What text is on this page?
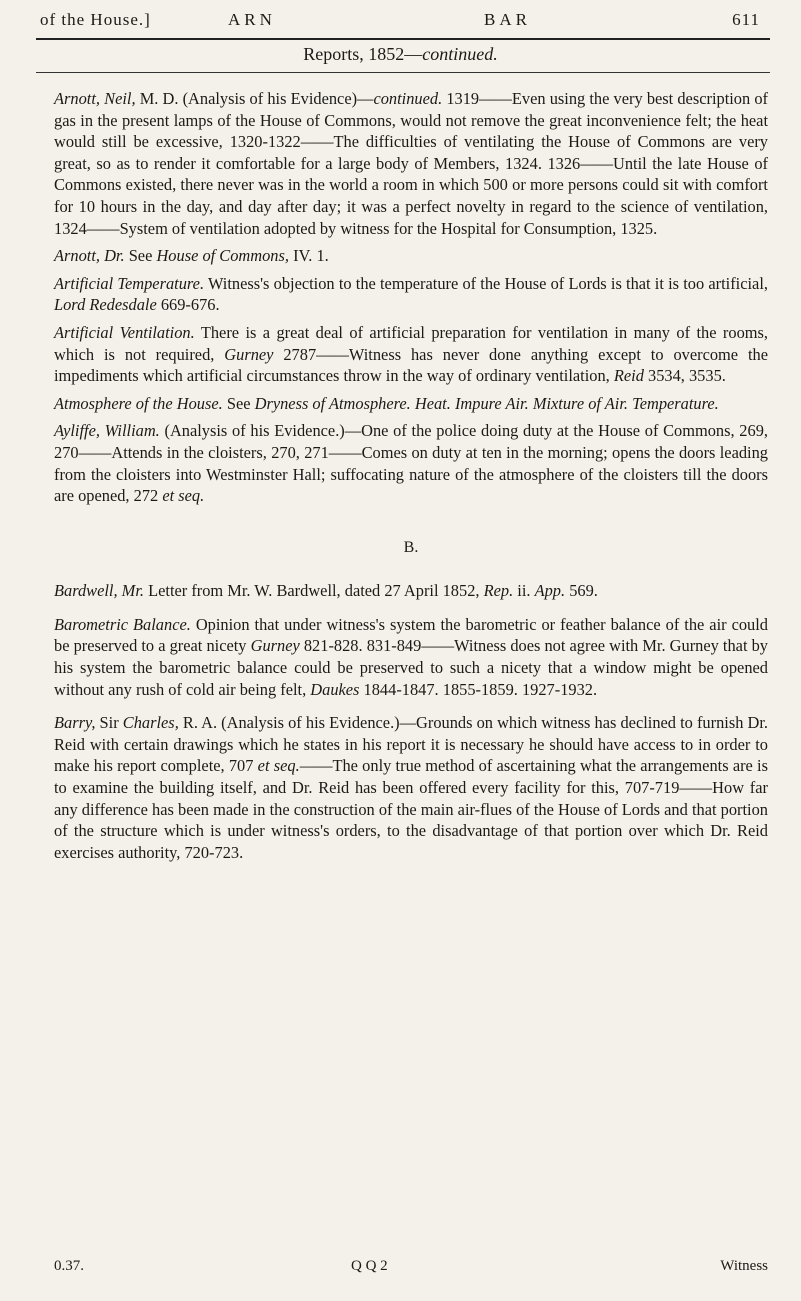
of the House.]	ARN	BAR	611
Reports, 1852—continued.

Arnott, Neil, M. D. (Analysis of his Evidence)—continued. 1319——Even using the very best description of gas in the present lamps of the House of Commons, would not remove the great inconvenience felt; the heat would still be excessive, 1320-1322——The difficulties of ventilating the House of Commons are very great, so as to render it comfortable for a large body of Members, 1324. 1326——Until the late House of Commons existed, there never was in the world a room in which 500 or more persons could sit with comfort for 10 hours in the day, and day after day; it was a perfect novelty in regard to the science of ventilation, 1324——System of ventilation adopted by witness for the Hospital for Consumption, 1325.

Arnott, Dr. See House of Commons, IV. 1.

Artificial Temperature. Witness's objection to the temperature of the House of Lords is that it is too artificial, Lord Redesdale 669-676.

Artificial Ventilation. There is a great deal of artificial preparation for ventilation in many of the rooms, which is not required, Gurney 2787——Witness has never done anything except to overcome the impediments which artificial circumstances throw in the way of ordinary ventilation, Reid 3534, 3535.

Atmosphere of the House. See Dryness of Atmosphere. Heat. Impure Air. Mixture of Air. Temperature.

Ayliffe, William. (Analysis of his Evidence.)—One of the police doing duty at the House of Commons, 269, 270——Attends in the cloisters, 270, 271——Comes on duty at ten in the morning; opens the doors leading from the cloisters into Westminster Hall; suffocating nature of the atmosphere of the cloisters till the doors are opened, 272 et seq.

B.

Bardwell, Mr. Letter from Mr. W. Bardwell, dated 27 April 1852, Rep. ii. App. 569.

Barometric Balance. Opinion that under witness's system the barometric or feather balance of the air could be preserved to a great nicety Gurney 821-828. 831-849——Witness does not agree with Mr. Gurney that by his system the barometric balance could be preserved to such a nicety that a window might be opened without any rush of cold air being felt, Daukes 1844-1847. 1855-1859. 1927-1932.

Barry, Sir Charles, R. A. (Analysis of his Evidence.)—Grounds on which witness has declined to furnish Dr. Reid with certain drawings which he states in his report it is necessary he should have access to in order to make his report complete, 707 et seq.——The only true method of ascertaining what the arrangements are is to examine the building itself, and Dr. Reid has been offered every facility for this, 707-719——How far any difference has been made in the construction of the main air-flues of the House of Lords and that portion of the structure which is under witness's orders, to the disadvantage of that portion over which Dr. Reid exercises authority, 720-723.

0.37.	Q Q 2	Witness
